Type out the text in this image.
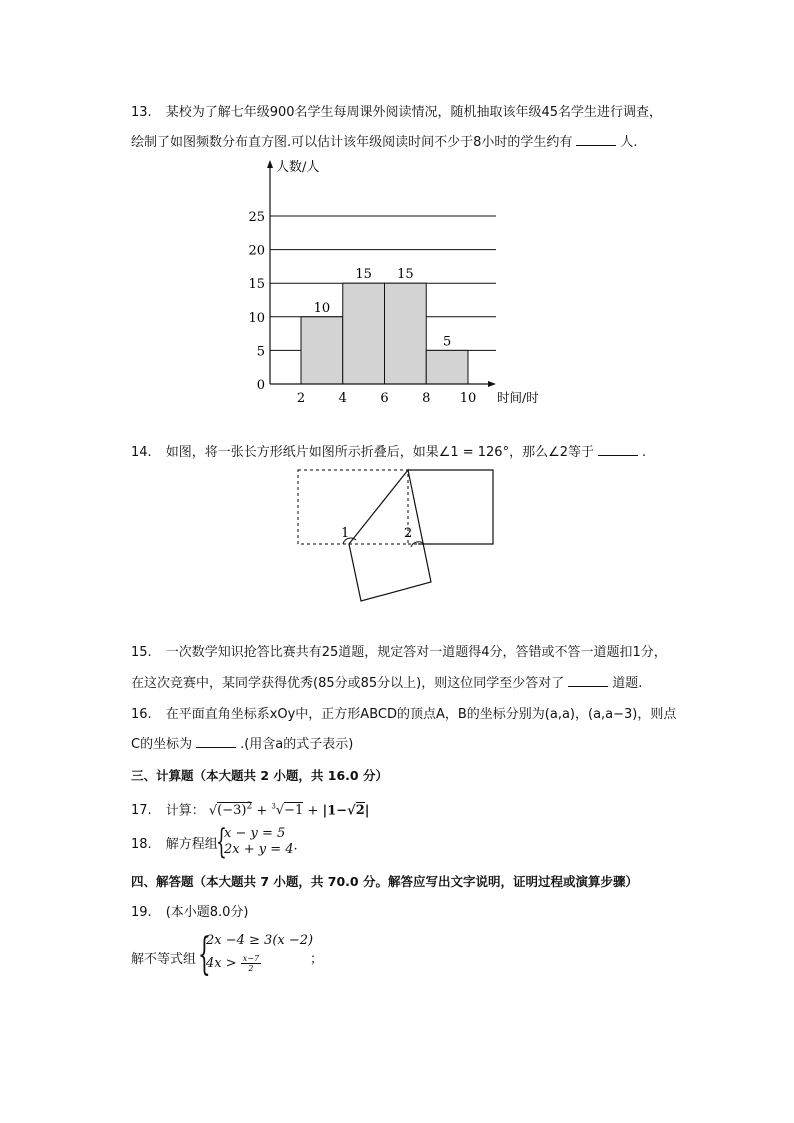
13. 某校为了解七年级900名学生每周课外阅读情况，随机抽取该年级45名学生进行调查，
绘制了如图频数分布直方图.可以估计该年级阅读时间不少于8小时的学生约有	人.
10
15 15
5
0
5
10
15
20
25
2	4	6	8 10
人数/人
时间/时
14. 如图，将一张长方形纸片如图所示折叠后，如果∠1 = 126°，那么∠2等于	.
1	2
15. 一次数学知识抢答比赛共有25道题，规定答对一道题得4分，答错或不答一道题扣1分，
在这次竞赛中，某同学获得优秀(85分或85分以上)，则这位同学至少答对了	道题.
16. 在平面直角坐标系xOy中，正方形ABCD的顶点A，B的坐标分别为(a,a)，(a,a−3)，则点
C的坐标为	.(用含a的式子表示)
三、计算题（本大题共 2 小题，共 16.0 分）
17. 计算： $√(-3)^2 + ^3√-1 + |1-√2|$
18. 解方程组
{
x − y = 5
2x + y = 4·
四、解答题（本大题共 7 小题，共 70.0 分。解答应写出文字说明，证明过程或演算步骤）
19. (本小题8.0分)
解不等式组 {
2x −4 ≥ 3(x −2)
$4x > \frac{x-7}{2}$	；
